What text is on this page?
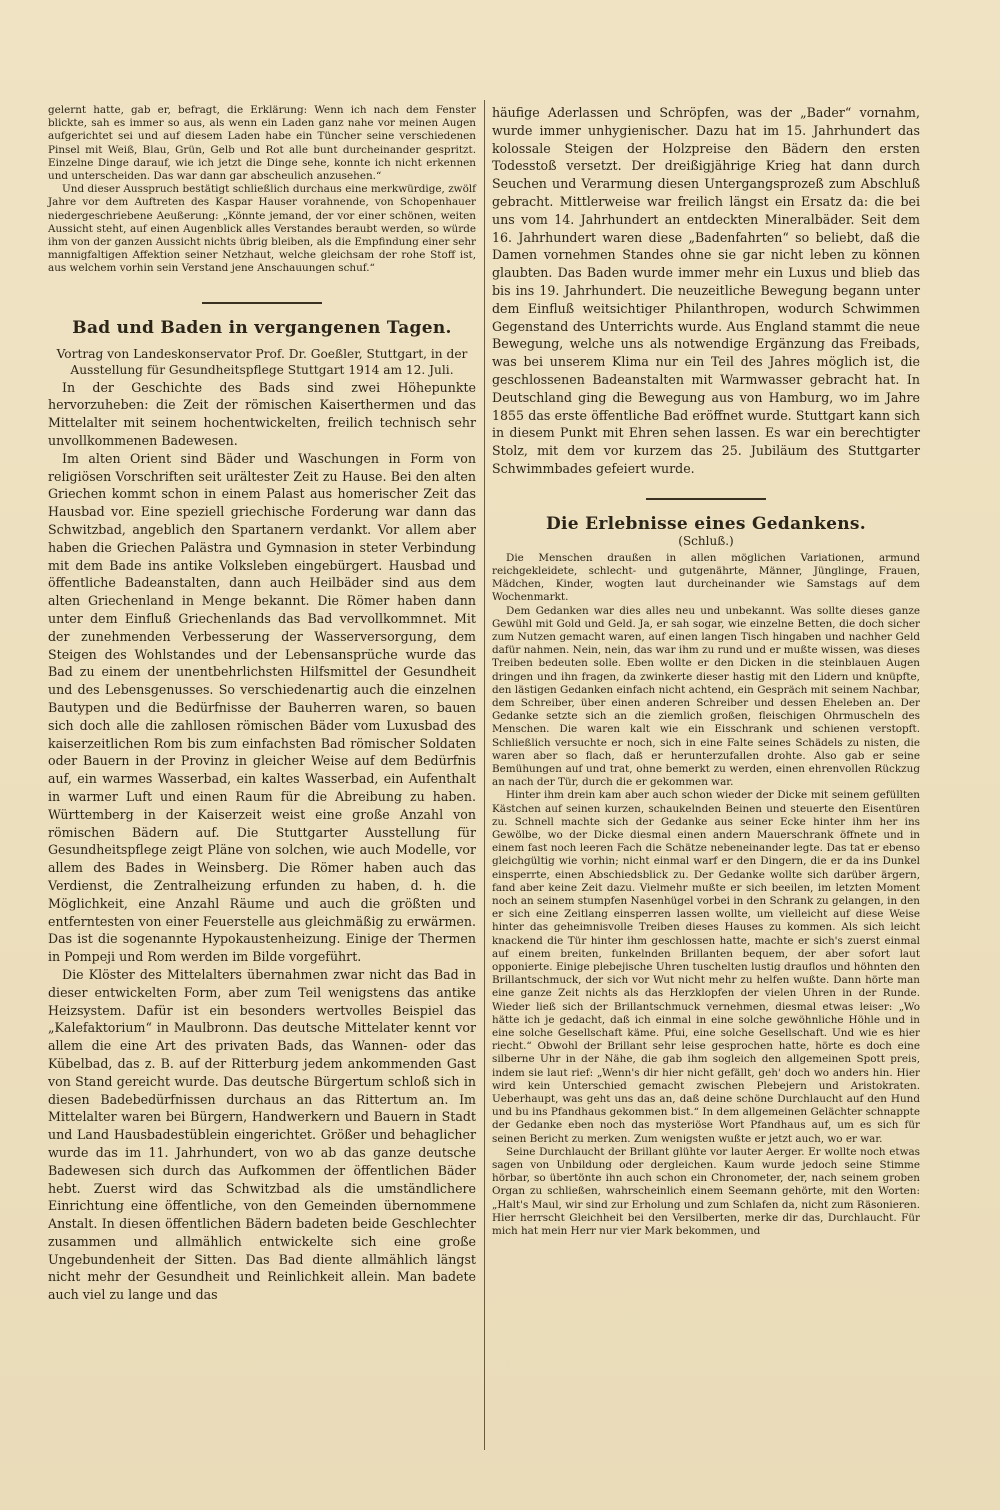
gelernt hatte, gab er, befragt, die Erklärung: Wenn ich nach dem Fenster blickte, sah es immer so aus, als wenn ein Laden ganz nahe vor meinen Augen aufgerichtet sei und auf diesem Laden habe ein Tüncher seine verschiedenen Pinsel mit Weiß, Blau, Grün, Gelb und Rot alle bunt durcheinander gespritzt. Einzelne Dinge darauf, wie ich jetzt die Dinge sehe, konnte ich nicht erkennen und unterscheiden. Das war dann gar abscheulich anzusehen.“

Und dieser Ausspruch bestätigt schließlich durchaus eine merkwürdige, zwölf Jahre vor dem Auftreten des Kaspar Hauser vorahnende, von Schopenhauer niedergeschriebene Aeußerung: „Könnte jemand, der vor einer schönen, weiten Aussicht steht, auf einen Augenblick alles Verstandes beraubt werden, so würde ihm von der ganzen Aussicht nichts übrig bleiben, als die Empfindung einer sehr mannigfaltigen Affektion seiner Netzhaut, welche gleichsam der rohe Stoff ist, aus welchem vorhin sein Verstand jene Anschauungen schuf.“

Bad und Baden in vergangenen Tagen.

Vortrag von Landeskonservator Prof. Dr. Goeßler, Stuttgart, in der Ausstellung für Gesundheitspflege Stuttgart 1914 am 12. Juli.

In der Geschichte des Bads sind zwei Höhepunkte hervorzuheben: die Zeit der römischen Kaiserthermen und das Mittelalter mit seinem hochentwickelten, freilich technisch sehr unvollkommenen Badewesen.

Im alten Orient sind Bäder und Waschungen in Form von religiösen Vorschriften seit urältester Zeit zu Hause. Bei den alten Griechen kommt schon in einem Palast aus homerischer Zeit das Hausbad vor. Eine speziell griechische Forderung war dann das Schwitzbad, angeblich den Spartanern verdankt. Vor allem aber haben die Griechen Palästra und Gymnasion in steter Verbindung mit dem Bade ins antike Volksleben eingebürgert. Hausbad und öffentliche Badeanstalten, dann auch Heilbäder sind aus dem alten Griechenland in Menge bekannt. Die Römer haben dann unter dem Einfluß Griechenlands das Bad vervollkommnet. Mit der zunehmenden Verbesserung der Wasserversorgung, dem Steigen des Wohlstandes und der Lebensansprüche wurde das Bad zu einem der unentbehrlichsten Hilfsmittel der Gesundheit und des Lebensgenusses. So verschiedenartig auch die einzelnen Bautypen und die Bedürfnisse der Bauherren waren, so bauen sich doch alle die zahllosen römischen Bäder vom Luxusbad des kaiserzeitlichen Rom bis zum einfachsten Bad römischer Soldaten oder Bauern in der Provinz in gleicher Weise auf dem Bedürfnis auf, ein warmes Wasserbad, ein kaltes Wasserbad, ein Aufenthalt in warmer Luft und einen Raum für die Abreibung zu haben. Württemberg in der Kaiserzeit weist eine große Anzahl von römischen Bädern auf. Die Stuttgarter Ausstellung für Gesundheitspflege zeigt Pläne von solchen, wie auch Modelle, vor allem des Bades in Weinsberg. Die Römer haben auch das Verdienst, die Zentralheizung erfunden zu haben, d. h. die Möglichkeit, eine Anzahl Räume und auch die größten und entferntesten von einer Feuerstelle aus gleichmäßig zu erwärmen. Das ist die sogenannte Hypokaustenheizung. Einige der Thermen in Pompeji und Rom werden im Bilde vorgeführt.

Die Klöster des Mittelalters übernahmen zwar nicht das Bad in dieser entwickelten Form, aber zum Teil wenigstens das antike Heizsystem. Dafür ist ein besonders wertvolles Beispiel das „Kalefaktorium“ in Maulbronn. Das deutsche Mittelater kennt vor allem die eine Art des privaten Bads, das Wannen- oder das Kübelbad, das z. B. auf der Ritterburg jedem ankommenden Gast von Stand gereicht wurde. Das deutsche Bürgertum schloß sich in diesen Badebedürfnissen durchaus an das Rittertum an. Im Mittelalter waren bei Bürgern, Handwerkern und Bauern in Stadt und Land Hausbadestüblein eingerichtet. Größer und behaglicher wurde das im 11. Jahrhundert, von wo ab das ganze deutsche Badewesen sich durch das Aufkommen der öffentlichen Bäder hebt. Zuerst wird das Schwitzbad als die umständlichere Einrichtung eine öffentliche, von den Gemeinden übernommene Anstalt. In diesen öffentlichen Bädern badeten beide Geschlechter zusammen und allmählich entwickelte sich eine große Ungebundenheit der Sitten. Das Bad diente allmählich längst nicht mehr der Gesundheit und Reinlichkeit allein. Man badete auch viel zu lange und das

häufige Aderlassen und Schröpfen, was der „Bader“ vornahm, wurde immer unhygienischer. Dazu hat im 15. Jahrhundert das kolossale Steigen der Holzpreise den Bädern den ersten Todesstoß versetzt. Der dreißigjährige Krieg hat dann durch Seuchen und Verarmung diesen Untergangsprozeß zum Abschluß gebracht. Mittlerweise war freilich längst ein Ersatz da: die bei uns vom 14. Jahrhundert an entdeckten Mineralbäder. Seit dem 16. Jahrhundert waren diese „Badenfahrten“ so beliebt, daß die Damen vornehmen Standes ohne sie gar nicht leben zu können glaubten. Das Baden wurde immer mehr ein Luxus und blieb das bis ins 19. Jahrhundert. Die neuzeitliche Bewegung begann unter dem Einfluß weitsichtiger Philanthropen, wodurch Schwimmen Gegenstand des Unterrichts wurde. Aus England stammt die neue Bewegung, welche uns als notwendige Ergänzung das Freibads, was bei unserem Klima nur ein Teil des Jahres möglich ist, die geschlossenen Badeanstalten mit Warmwasser gebracht hat. In Deutschland ging die Bewegung aus von Hamburg, wo im Jahre 1855 das erste öffentliche Bad eröffnet wurde. Stuttgart kann sich in diesem Punkt mit Ehren sehen lassen. Es war ein berechtigter Stolz, mit dem vor kurzem das 25. Jubiläum des Stuttgarter Schwimmbades gefeiert wurde.

Die Erlebnisse eines Gedankens.

(Schluß.)

Die Menschen draußen in allen möglichen Variationen, armund reichgekleidete, schlecht- und gutgenährte, Männer, Jünglinge, Frauen, Mädchen, Kinder, wogten laut durcheinander wie Samstags auf dem Wochenmarkt.

Dem Gedanken war dies alles neu und unbekannt. Was sollte dieses ganze Gewühl mit Gold und Geld. Ja, er sah sogar, wie einzelne Betten, die doch sicher zum Nutzen gemacht waren, auf einen langen Tisch hingaben und nachher Geld dafür nahmen. Nein, nein, das war ihm zu rund und er mußte wissen, was dieses Treiben bedeuten solle. Eben wollte er den Dicken in die steinblauen Augen dringen und ihn fragen, da zwinkerte dieser hastig mit den Lidern und knüpfte, den lästigen Gedanken einfach nicht achtend, ein Gespräch mit seinem Nachbar, dem Schreiber, über einen anderen Schreiber und dessen Eheleben an. Der Gedanke setzte sich an die ziemlich großen, fleischigen Ohrmuscheln des Menschen. Die waren kalt wie ein Eisschrank und schienen verstopft. Schließlich versuchte er noch, sich in eine Falte seines Schädels zu nisten, die waren aber so flach, daß er herunterzufallen drohte. Also gab er seine Bemühungen auf und trat, ohne bemerkt zu werden, einen ehrenvollen Rückzug an nach der Tür, durch die er gekommen war.

Hinter ihm drein kam aber auch schon wieder der Dicke mit seinem gefüllten Kästchen auf seinen kurzen, schaukelnden Beinen und steuerte den Eisentüren zu. Schnell machte sich der Gedanke aus seiner Ecke hinter ihm her ins Gewölbe, wo der Dicke diesmal einen andern Mauerschrank öffnete und in einem fast noch leeren Fach die Schätze nebeneinander legte. Das tat er ebenso gleichgültig wie vorhin; nicht einmal warf er den Dingern, die er da ins Dunkel einsperrte, einen Abschiedsblick zu. Der Gedanke wollte sich darüber ärgern, fand aber keine Zeit dazu. Vielmehr mußte er sich beeilen, im letzten Moment noch an seinem stumpfen Nasenhügel vorbei in den Schrank zu gelangen, in den er sich eine Zeitlang einsperren lassen wollte, um vielleicht auf diese Weise hinter das geheimnisvolle Treiben dieses Hauses zu kommen. Als sich leicht knackend die Tür hinter ihm geschlossen hatte, machte er sich's zuerst einmal auf einem breiten, funkelnden Brillanten bequem, der aber sofort laut opponierte. Einige plebejische Uhren tuschelten lustig drauflos und höhnten den Brillantschmuck, der sich vor Wut nicht mehr zu helfen wußte. Dann hörte man eine ganze Zeit nichts als das Herzklopfen der vielen Uhren in der Runde. Wieder ließ sich der Brillantschmuck vernehmen, diesmal etwas leiser: „Wo hätte ich je gedacht, daß ich einmal in eine solche gewöhnliche Höhle und in eine solche Gesellschaft käme. Pfui, eine solche Gesellschaft. Und wie es hier riecht.“ Obwohl der Brillant sehr leise gesprochen hatte, hörte es doch eine silberne Uhr in der Nähe, die gab ihm sogleich den allgemeinen Spott preis, indem sie laut rief: „Wenn's dir hier nicht gefällt, geh' doch wo anders hin. Hier wird kein Unterschied gemacht zwischen Plebejern und Aristokraten. Ueberhaupt, was geht uns das an, daß deine schöne Durchlaucht auf den Hund und bu ins Pfandhaus gekommen bist.“ In dem allgemeinen Gelächter schnappte der Gedanke eben noch das mysteriöse Wort Pfandhaus auf, um es sich für seinen Bericht zu merken. Zum wenigsten wußte er jetzt auch, wo er war.

Seine Durchlaucht der Brillant glühte vor lauter Aerger. Er wollte noch etwas sagen von Unbildung oder dergleichen. Kaum wurde jedoch seine Stimme hörbar, so übertönte ihn auch schon ein Chronometer, der, nach seinem groben Organ zu schließen, wahrscheinlich einem Seemann gehörte, mit den Worten: „Halt's Maul, wir sind zur Erholung und zum Schlafen da, nicht zum Räsonieren. Hier herrscht Gleichheit bei den Versilberten, merke dir das, Durchlaucht. Für mich hat mein Herr nur vier Mark bekommen, und
